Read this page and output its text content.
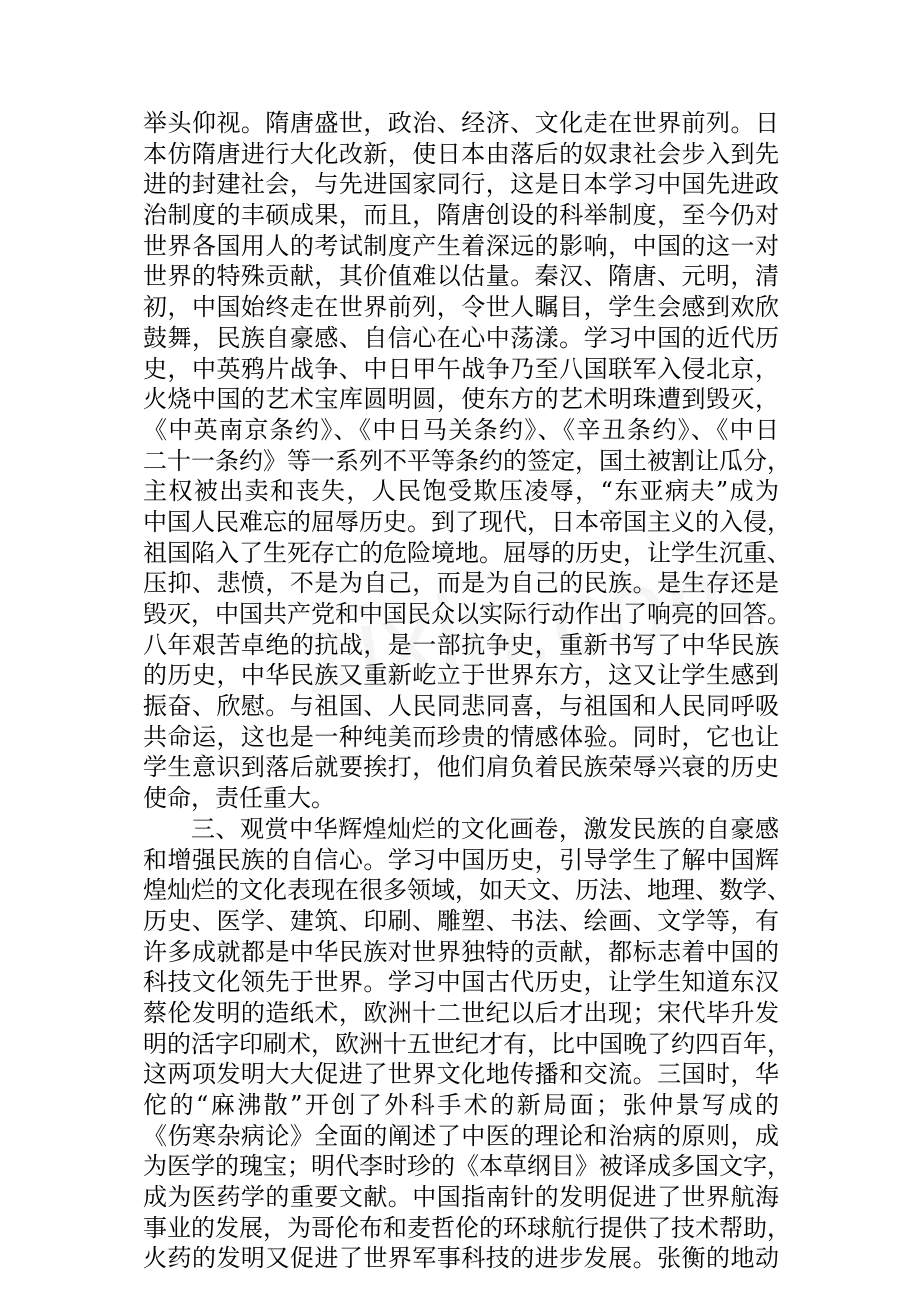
举头仰视。隋唐盛世，政治、经济、文化走在世界前列。日
本仿隋唐进行大化改新，使日本由落后的奴隶社会步入到先
进的封建社会，与先进国家同行，这是日本学习中国先进政
治制度的丰硕成果，而且，隋唐创设的科举制度，至今仍对
世界各国用人的考试制度产生着深远的影响，中国的这一对
世界的特殊贡献，其价值难以估量。秦汉、隋唐、元明，清
初，中国始终走在世界前列，令世人瞩目，学生会感到欢欣
鼓舞，民族自豪感、自信心在心中荡漾。学习中国的近代历
史，中英鸦片战争、中日甲午战争乃至八国联军入侵北京，
火烧中国的艺术宝库圆明圆，使东方的艺术明珠遭到毁灭，
《中英南京条约》、《中日马关条约》、《辛丑条约》、《中日
二十一条约》等一系列不平等条约的签定，国土被割让瓜分，
主权被出卖和丧失，人民饱受欺压凌辱，“东亚病夫”成为
中国人民难忘的屈辱历史。到了现代，日本帝国主义的入侵，
祖国陷入了生死存亡的危险境地。屈辱的历史，让学生沉重、
压抑、悲愤，不是为自己，而是为自己的民族。是生存还是
毁灭，中国共产党和中国民众以实际行动作出了响亮的回答。
八年艰苦卓绝的抗战，是一部抗争史，重新书写了中华民族
的历史，中华民族又重新屹立于世界东方，这又让学生感到
振奋、欣慰。与祖国、人民同悲同喜，与祖国和人民同呼吸
共命运，这也是一种纯美而珍贵的情感体验。同时，它也让
学生意识到落后就要挨打，他们肩负着民族荣辱兴衰的历史
使命，责任重大。
三、观赏中华辉煌灿烂的文化画卷，激发民族的自豪感
和增强民族的自信心。学习中国历史，引导学生了解中国辉
煌灿烂的文化表现在很多领域，如天文、历法、地理、数学、
历史、医学、建筑、印刷、雕塑、书法、绘画、文学等，有
许多成就都是中华民族对世界独特的贡献，都标志着中国的
科技文化领先于世界。学习中国古代历史，让学生知道东汉
蔡伦发明的造纸术，欧洲十二世纪以后才出现；宋代毕升发
明的活字印刷术，欧洲十五世纪才有，比中国晚了约四百年，
这两项发明大大促进了世界文化地传播和交流。三国时，华
佗的“麻沸散”开创了外科手术的新局面；张仲景写成的
《伤寒杂病论》全面的阐述了中医的理论和治病的原则，成
为医学的瑰宝；明代李时珍的《本草纲目》被译成多国文字，
成为医药学的重要文献。中国指南针的发明促进了世界航海
事业的发展，为哥伦布和麦哲伦的环球航行提供了技术帮助，
火药的发明又促进了世界军事科技的进步发展。张衡的地动
